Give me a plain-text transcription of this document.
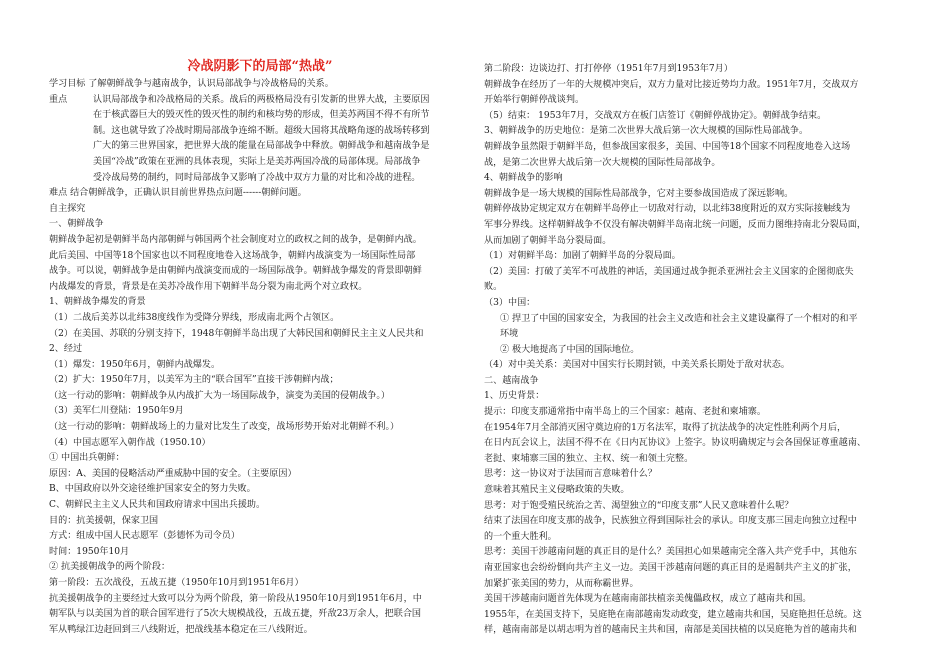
冷战阴影下的局部“热战”
学习目标 了解朝鲜战争与越南战争，认识局部战争与冷战格局的关系。
重点	认识局部战争和冷战格局的关系。战后的两极格局没有引发新的世界大战，主要原因
在于核武器巨大的毁灭性的毁灭性的制约和核均势的形成，但美苏两国不得不有所节
制。这也就导致了冷战时期局部战争连绵不断。超级大国将其战略角逐的战场转移到
广大的第三世界国家，把世界大战的能量在局部战争中释放。朝鲜战争和越南战争是
美国“冷战”政策在亚洲的具体表现，实际上是美苏两国冷战的局部体现。局部战争
受冷战局势的制约，同时局部战争又影响了冷战中双方力量的对比和冷战的进程。
难点 结合朝鲜战争，正确认识目前世界热点问题------朝鲜问题。
自主探究
一、朝鲜战争
朝鲜战争起初是朝鲜半岛内部朝鲜与韩国两个社会制度对立的政权之间的战争，是朝鲜内战。
此后美国、中国等18个国家也以不同程度地卷入这场战争，朝鲜内战演变为一场国际性局部
战争。可以说，朝鲜战争是由朝鲜内战演变而成的一场国际战争。朝鲜战争爆发的背景即朝鲜
内战爆发的背景，背景是在美苏冷战作用下朝鲜半岛分裂为南北两个对立政权。
1、朝鲜战争爆发的背景
（1）二战后美苏以北纬38度线作为受降分界线，形成南北两个占领区。
（2）在美国、苏联的分别支持下，1948年朝鲜半岛出现了大韩民国和朝鲜民主主义人民共和
2、经过
（1）爆发：1950年6月，朝鲜内战爆发。
（2）扩大：1950年7月，以美军为主的“联合国军”直接干涉朝鲜内战；
（这一行动的影响：朝鲜战争从内战扩大为一场国际战争，演变为美国的侵朝战争。）
（3）美军仁川登陆：1950年9月
（这一行动的影响：朝鲜战场上的力量对比发生了改变，战场形势开始对北朝鲜不利。）
（4）中国志愿军入朝作战（1950.10）
① 中国出兵朝鲜：
原因：A、美国的侵略活动严重威胁中国的安全。（主要原因）
B、中国政府以外交途径维护国家安全的努力失败。
C、朝鲜民主主义人民共和国政府请求中国出兵援助。
目的：抗美援朝，保家卫国
方式：组成中国人民志愿军（彭德怀为司令员）
时间：1950年10月
② 抗美援朝战争的两个阶段：
第一阶段：五次战役，五战五捷（1950年10月到1951年6月）
抗美援朝战争的主要经过大致可以分为两个阶段，第一阶段从1950年10月到1951年6月，中
朝军队与以美国为首的联合国军进行了5次大规模战役，五战五捷，歼敌23万余人，把联合国
军从鸭绿江边赶回到三八线附近，把战线基本稳定在三八线附近。
第二阶段：边谈边打、打打停停（1951年7月到1953年7月）
朝鲜战争在经历了一年的大规模冲突后，双方力量对比接近势均力敌。1951年7月，交战双方
开始举行朝鲜停战谈判。
（5）结束： 1953年7月，交战双方在板门店签订《朝鲜停战协定》。朝鲜战争结束。
3、朝鲜战争的历史地位：是第二次世界大战后第一次大规模的国际性局部战争。
朝鲜战争虽然限于朝鲜半岛，但参战国家很多，美国、中国等18个国家不同程度地卷入这场
战，是第二次世界大战后第一次大规模的国际性局部战争。
4、朝鲜战争的影响
朝鲜战争是一场大规模的国际性局部战争，它对主要参战国造成了深远影响。
朝鲜停战协定规定双方在朝鲜半岛停止一切敌对行动，以北纬38度附近的双方实际接触线为
军事分界线。这样朝鲜战争不仅没有解决朝鲜半岛南北统一问题，反而力图维持南北分裂局面，
从而加剧了朝鲜半岛分裂局面。
（1）对朝鲜半岛：加剧了朝鲜半岛的分裂局面。
（2）美国：打破了美军不可战胜的神话，美国通过战争扼杀亚洲社会主义国家的企图彻底失
败。
（3）中国：
① 捍卫了中国的国家安全，为我国的社会主义改造和社会主义建设赢得了一个相对的和平
环境
② 极大地提高了中国的国际地位。
（4）对中美关系：美国对中国实行长期封锁，中美关系长期处于敌对状态。
二、越南战争
1、历史背景：
提示：印度支那通常指中南半岛上的三个国家：越南、老挝和柬埔寨。
在1954年7月全部消灭困守奠边府的1万名法军，取得了抗法战争的决定性胜利两个月后，
在日内瓦会议上，法国不得不在《日内瓦协议》上签字。协议明确规定与会各国保证尊重越南、
老挝、柬埔寨三国的独立、主权、统一和领土完整。
思考：这一协议对于法国而言意味着什么？
意味着其殖民主义侵略政策的失败。
思考：对于饱受殖民统治之苦、渴望独立的“印度支那”人民又意味着什么呢？
结束了法国在印度支那的战争，民族独立得到国际社会的承认。印度支那三国走向独立过程中
的一个重大胜利。
思考：美国干涉越南问题的真正目的是什么？美国担心如果越南完全落入共产党手中，其他东
南亚国家也会纷纷倒向共产主义一边。美国干涉越南问题的真正目的是遏制共产主义的扩张，
加紧扩张美国的势力，从而称霸世界。
美国干涉越南问题首先体现为在越南南部扶植亲美傀儡政权，成立了越南共和国。
1955年，在美国支持下，吴庭艳在南部越南发动政变，建立越南共和国，吴庭艳担任总统。这
样，越南南部是以胡志明为首的越南民主共和国，南部是美国扶植的以吴庭艳为首的越南共和
